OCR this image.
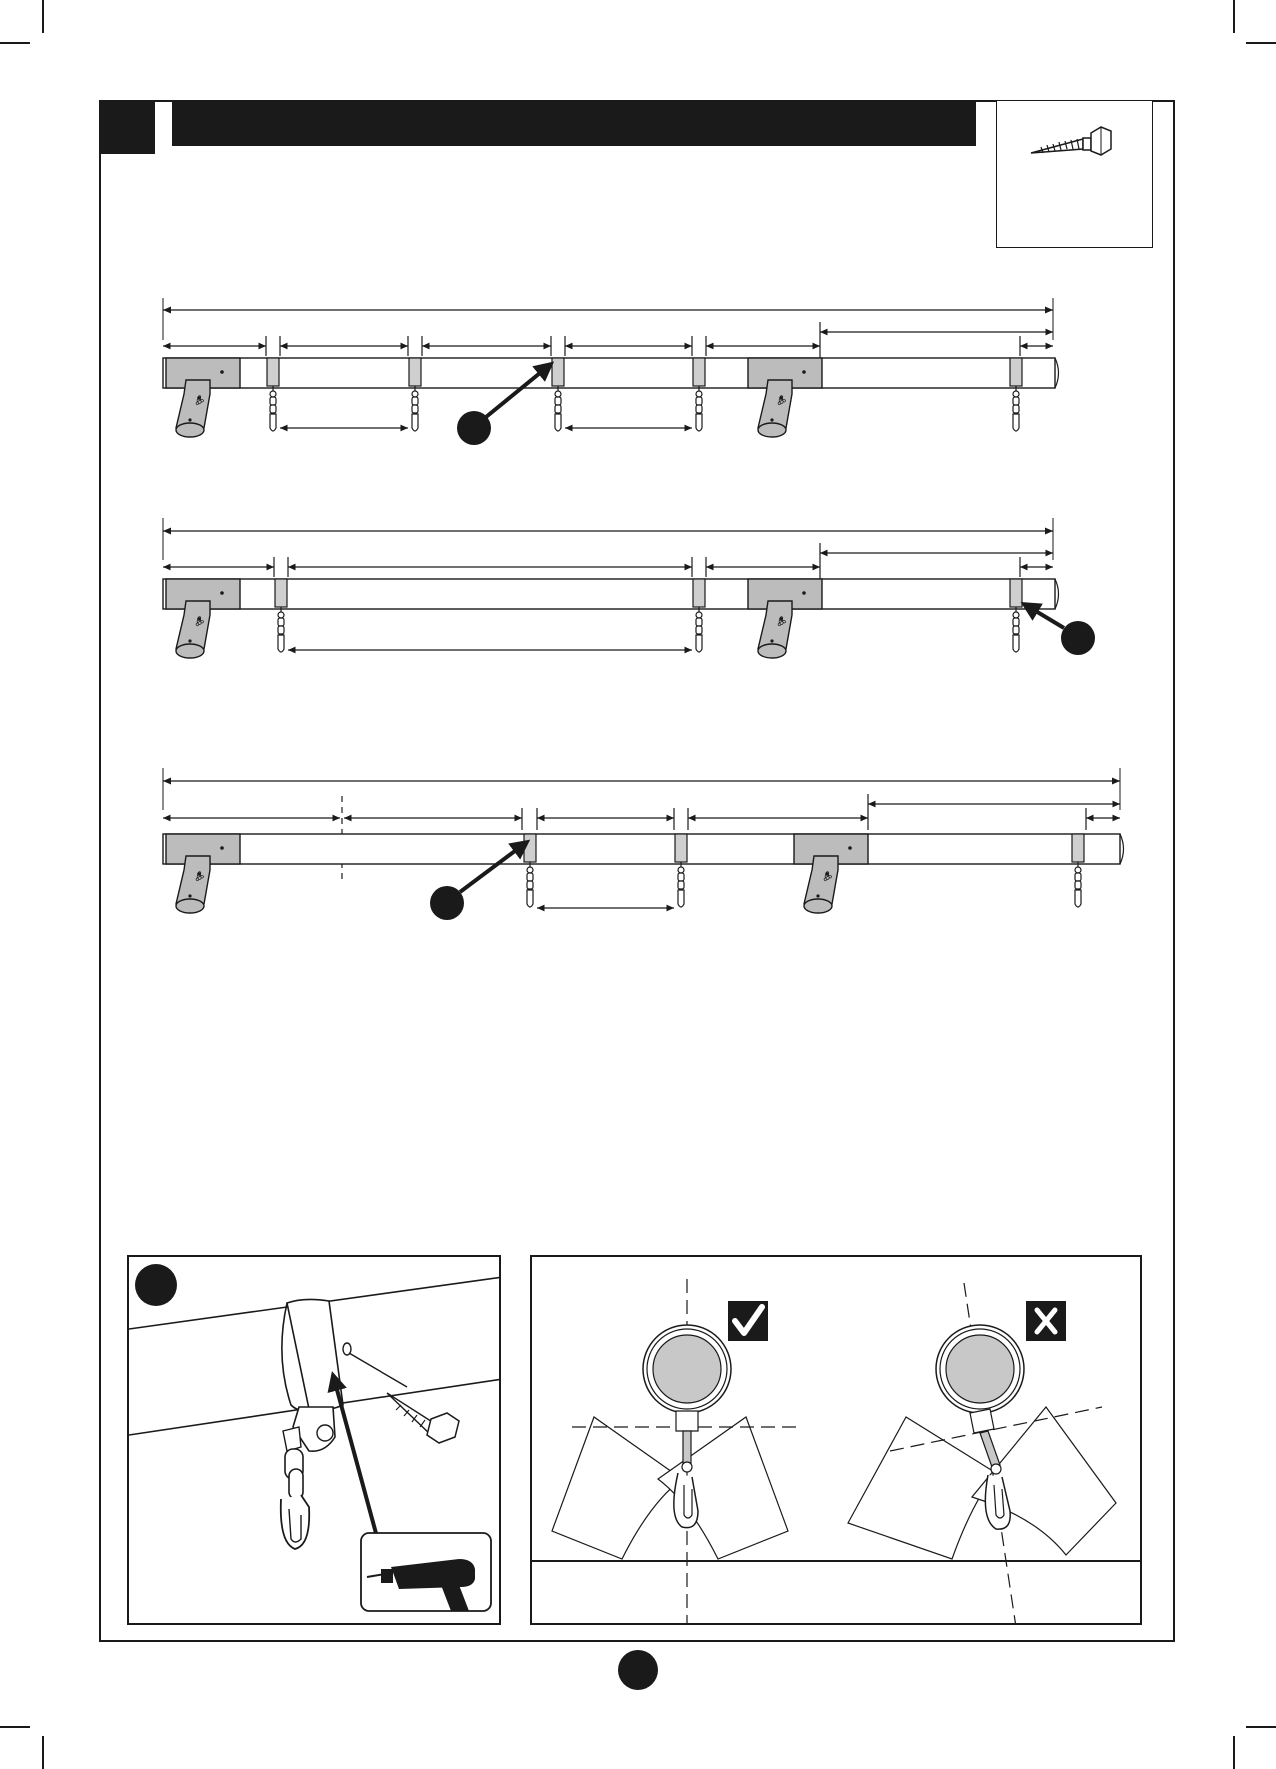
ൿ
